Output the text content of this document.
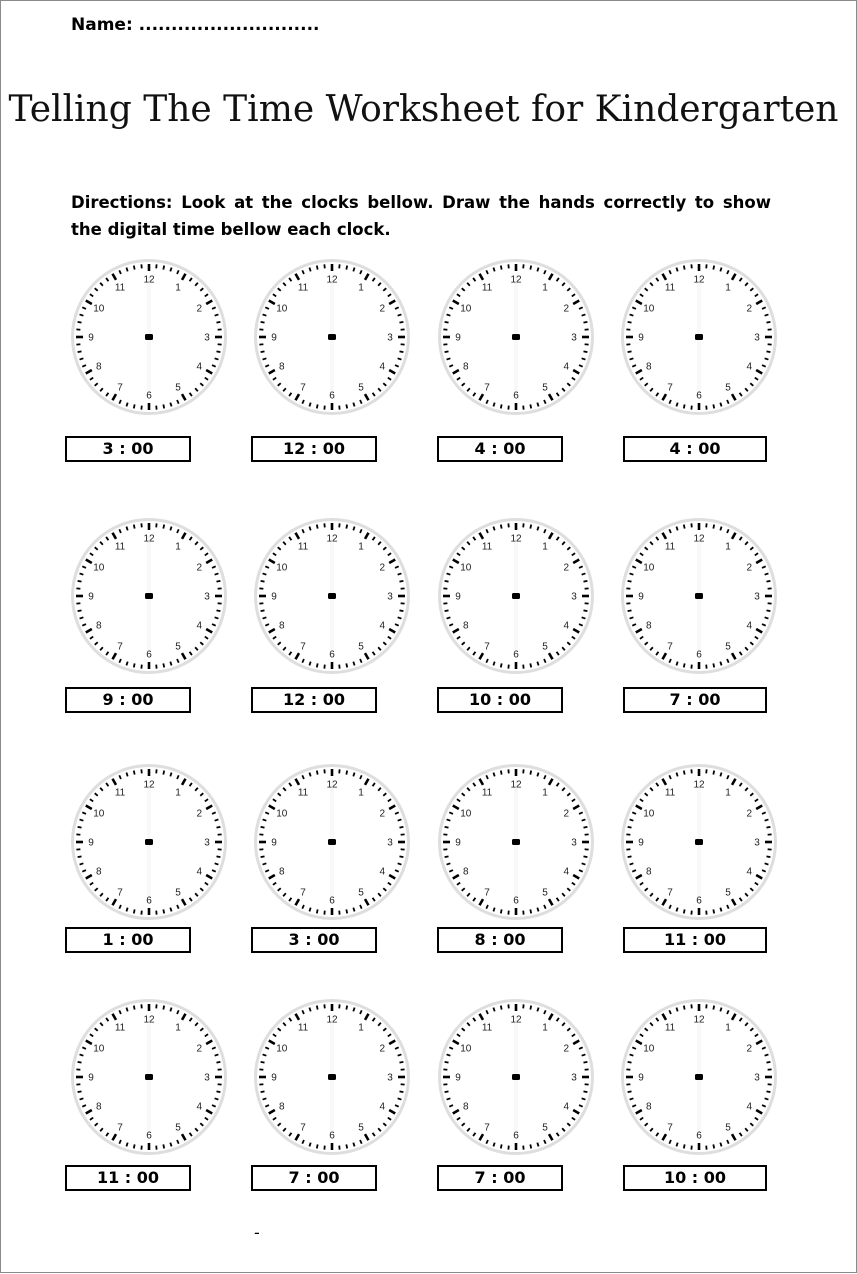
Name: ............................
Telling The Time Worksheet for Kindergarten
Directions: Look at the clocks bellow. Draw the hands correctly to show the digital time bellow each clock.
12
1
2
3
4
5
6
7
8
9
10
11
3 : 00
12
1
2
3
4
5
6
7
8
9
10
11
12 : 00
12
1
2
3
4
5
6
7
8
9
10
11
4 : 00
12
1
2
3
4
5
6
7
8
9
10
11
4 : 00
12
1
2
3
4
5
6
7
8
9
10
11
9 : 00
12
1
2
3
4
5
6
7
8
9
10
11
12 : 00
12
1
2
3
4
5
6
7
8
9
10
11
10 : 00
12
1
2
3
4
5
6
7
8
9
10
11
7 : 00
12
1
2
3
4
5
6
7
8
9
10
11
1 : 00
12
1
2
3
4
5
6
7
8
9
10
11
3 : 00
12
1
2
3
4
5
6
7
8
9
10
11
8 : 00
12
1
2
3
4
5
6
7
8
9
10
11
11 : 00
12
1
2
3
4
5
6
7
8
9
10
11
11 : 00
12
1
2
3
4
5
6
7
8
9
10
11
7 : 00
12
1
2
3
4
5
6
7
8
9
10
11
7 : 00
12
1
2
3
4
5
6
7
8
9
10
11
10 : 00
-
